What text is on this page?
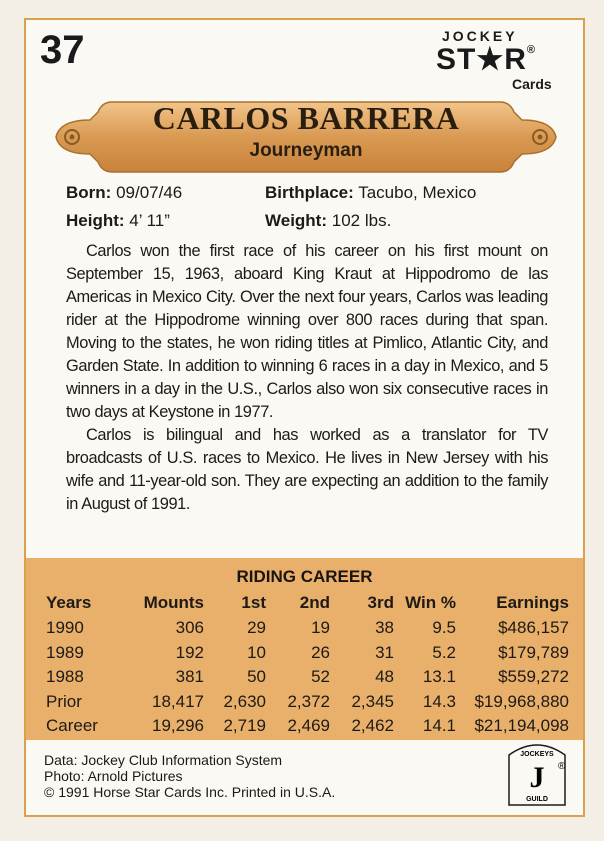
37	JOCKEY
ST★R®
Cards
CARLOS BARRERA
Journeyman
Born: 09/07/46	Birthplace: Tacubo, Mexico
Height: 4’ 11”	Weight: 102 lbs.

Carlos won the first race of his career on his first mount on September 15, 1963, aboard King Kraut at Hippodromo de las Americas in Mexico City. Over the next four years, Carlos was leading rider at the Hippodrome winning over 800 races during that span. Moving to the states, he won riding titles at Pimlico, Atlantic City, and Garden State. In addition to winning 6 races in a day in Mexico, and 5 winners in a day in the U.S., Carlos also won six consecutive races in two days at Keystone in 1977.

Carlos is bilingual and has worked as a translator for TV broadcasts of U.S. races to Mexico. He lives in New Jersey with his wife and 11-year-old son. They are expecting an addition to the family in August of 1991.

RIDING CAREER
Years	Mounts	1st	2nd	3rd	Win %	Earnings
1990	306	29	19	38	9.5	$486,157
1989	192	10	26	31	5.2	$179,789
1988	381	50	52	48	13.1	$559,272
Prior	18,417	2,630	2,372	2,345	14.3	$19,968,880
Career	19,296	2,719	2,469	2,462	14.1	$21,194,098
Data: Jockey Club Information System
Photo: Arnold Pictures
© 1991 Horse Star Cards Inc. Printed in U.S.A.
JOCKEYS
J
GUILD
®
